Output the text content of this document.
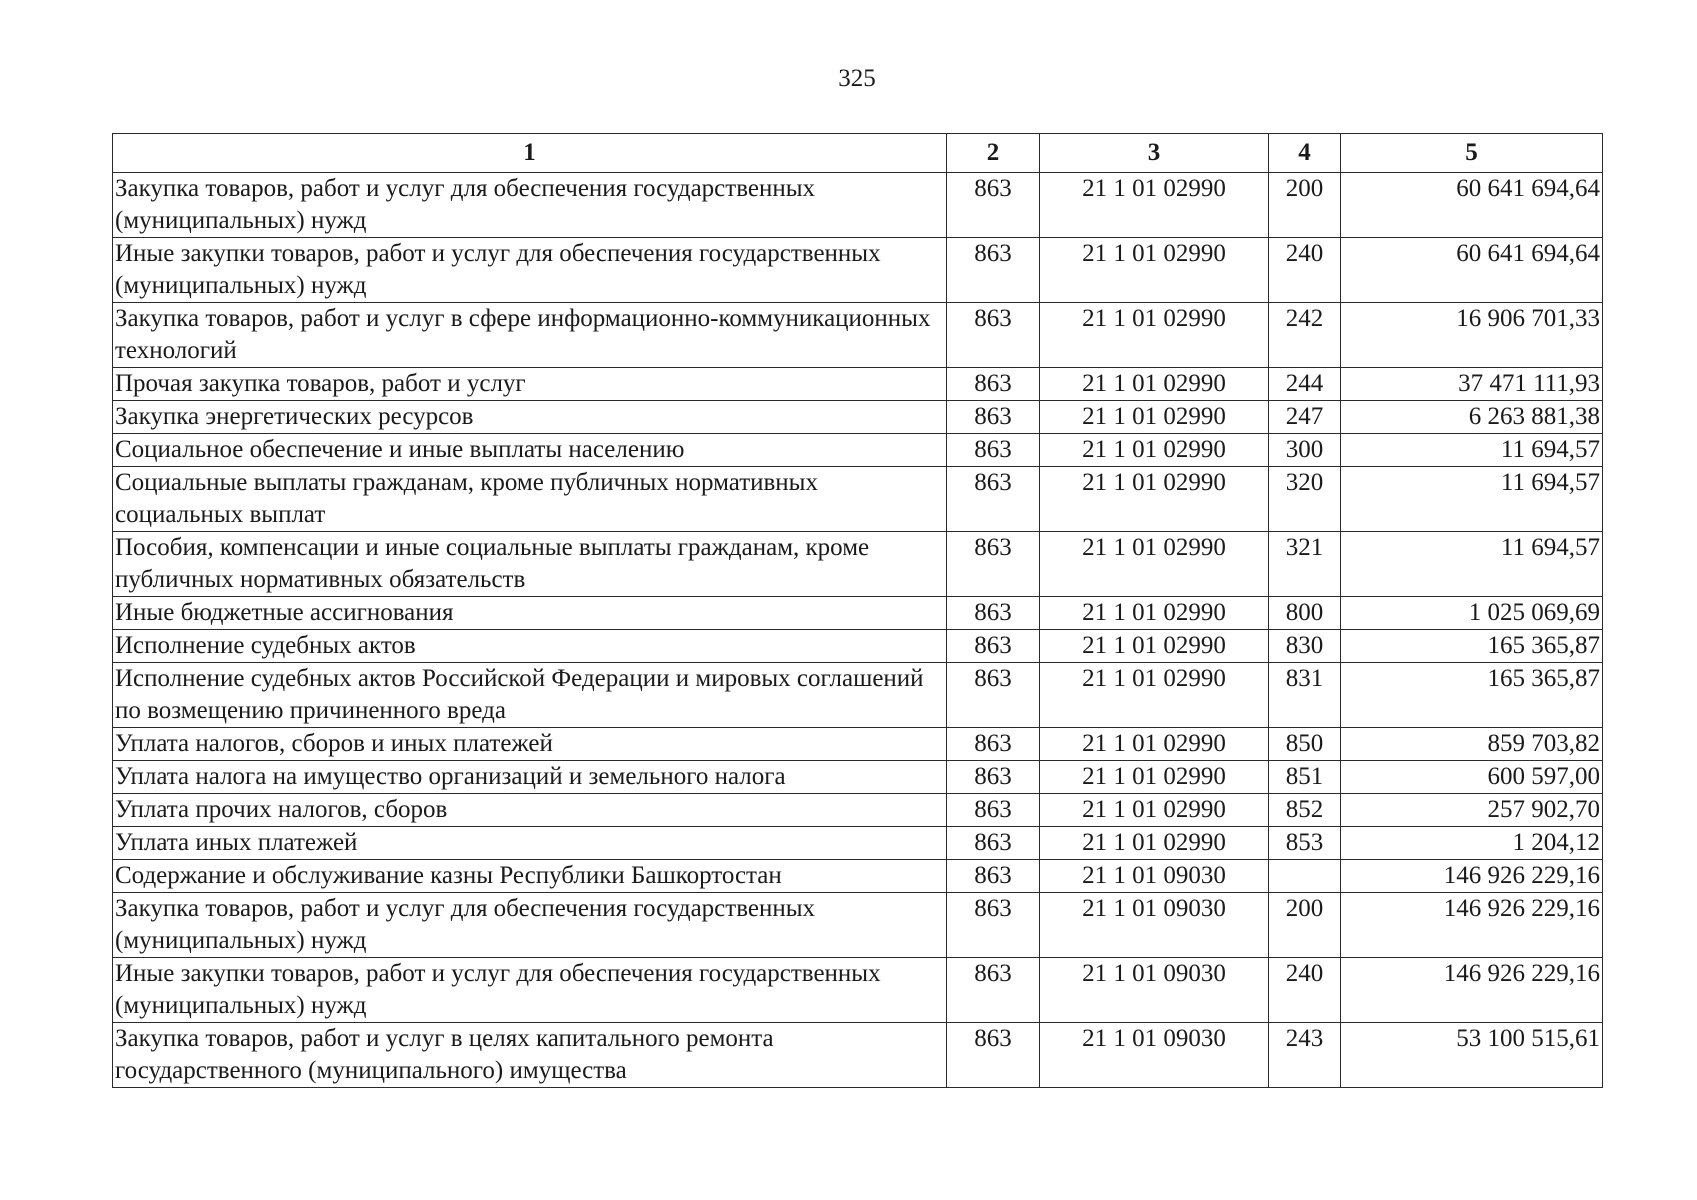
325
1	2	3	4	5
Закупка товаров, работ и услуг для обеспечения государственных (муниципальных) нужд	863	21 1 01 02990	200	60 641 694,64
Иные закупки товаров, работ и услуг для обеспечения государственных (муниципальных) нужд	863	21 1 01 02990	240	60 641 694,64
Закупка товаров, работ и услуг в сфере информационно-коммуникационных технологий	863	21 1 01 02990	242	16 906 701,33
Прочая закупка товаров, работ и услуг	863	21 1 01 02990	244	37 471 111,93
Закупка энергетических ресурсов	863	21 1 01 02990	247	6 263 881,38
Социальное обеспечение и иные выплаты населению	863	21 1 01 02990	300	11 694,57
Социальные выплаты гражданам, кроме публичных нормативных социальных выплат	863	21 1 01 02990	320	11 694,57
Пособия, компенсации и иные социальные выплаты гражданам, кроме публичных нормативных обязательств	863	21 1 01 02990	321	11 694,57
Иные бюджетные ассигнования	863	21 1 01 02990	800	1 025 069,69
Исполнение судебных актов	863	21 1 01 02990	830	165 365,87
Исполнение судебных актов Российской Федерации и мировых соглашений по возмещению причиненного вреда	863	21 1 01 02990	831	165 365,87
Уплата налогов, сборов и иных платежей	863	21 1 01 02990	850	859 703,82
Уплата налога на имущество организаций и земельного налога	863	21 1 01 02990	851	600 597,00
Уплата прочих налогов, сборов	863	21 1 01 02990	852	257 902,70
Уплата иных платежей	863	21 1 01 02990	853	1 204,12
Содержание и обслуживание казны Республики Башкортостан	863	21 1 01 09030		146 926 229,16
Закупка товаров, работ и услуг для обеспечения государственных (муниципальных) нужд	863	21 1 01 09030	200	146 926 229,16
Иные закупки товаров, работ и услуг для обеспечения государственных (муниципальных) нужд	863	21 1 01 09030	240	146 926 229,16
Закупка товаров, работ и услуг в целях капитального ремонта государственного (муниципального) имущества	863	21 1 01 09030	243	53 100 515,61
